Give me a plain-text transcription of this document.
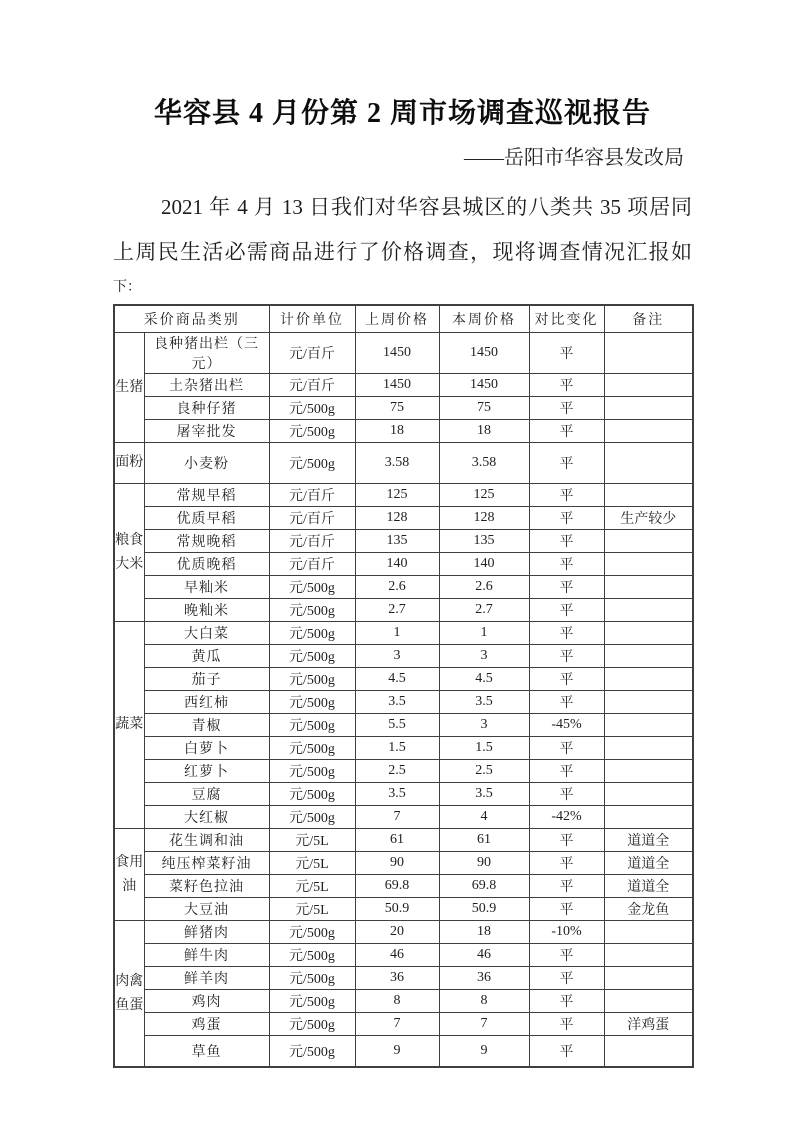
华容县 4 月份第 2 周市场调查巡视报告
——岳阳市华容县发改局
2021 年 4 月 13 日我们对华容县城区的八类共 35 项居同
上周民生活必需商品进行了价格调查，现将调查情况汇报如
下：
采价商品类别		计价单位	上周价格	本周价格	对比变化	备注
生猪	良种猪出栏（三元）	元/百斤	1450	1450	平	
	土杂猪出栏	元/百斤	1450	1450	平	
	良种仔猪	元/500g	75	75	平	
	屠宰批发	元/500g	18	18	平	
面粉	小麦粉	元/500g	3.58	3.58	平	
粮食大米	常规早稻	元/百斤	125	125	平	
	优质早稻	元/百斤	128	128	平	生产较少
	常规晚稻	元/百斤	135	135	平	
	优质晚稻	元/百斤	140	140	平	
	早籼米	元/500g	2.6	2.6	平	
	晚籼米	元/500g	2.7	2.7	平	
蔬菜	大白菜	元/500g	1	1	平	
	黄瓜	元/500g	3	3	平	
	茄子	元/500g	4.5	4.5	平	
	西红柿	元/500g	3.5	3.5	平	
	青椒	元/500g	5.5	3	-45%	
	白萝卜	元/500g	1.5	1.5	平	
	红萝卜	元/500g	2.5	2.5	平	
	豆腐	元/500g	3.5	3.5	平	
	大红椒	元/500g	7	4	-42%	
食用油	花生调和油	元/5L	61	61	平	道道全
	纯压榨菜籽油	元/5L	90	90	平	道道全
	菜籽色拉油	元/5L	69.8	69.8	平	道道全
	大豆油	元/5L	50.9	50.9	平	金龙鱼
肉禽鱼蛋	鲜猪肉	元/500g	20	18	-10%	
	鲜牛肉	元/500g	46	46	平	
	鲜羊肉	元/500g	36	36	平	
	鸡肉	元/500g	8	8	平	
	鸡蛋	元/500g	7	7	平	洋鸡蛋
	草鱼	元/500g	9	9	平	
